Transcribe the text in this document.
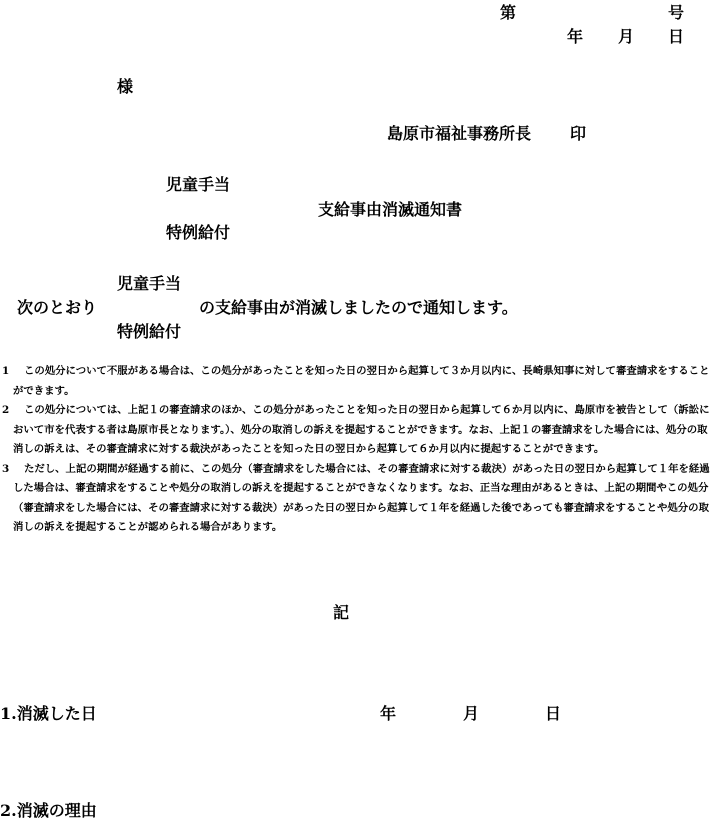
第	号
年 月 日
様
島原市福祉事務所長 印
児童手当
支給事由消滅通知書
特例給付
児童手当
次のとおり	の支給事由が消滅しましたので通知します。
特例給付
1	この処分について不服がある場合は、この処分があったことを知った日の翌日から起算して３か月以内に、長崎県知事に対して審査請求をすることができます。
2	この処分については、上記１の審査請求のほか、この処分があったことを知った日の翌日から起算して６か月以内に、島原市を被告として（訴訟において市を代表する者は島原市長となります。）、処分の取消しの訴えを提起することができます。なお、上記１の審査請求をした場合には、処分の取消しの訴えは、その審査請求に対する裁決があったことを知った日の翌日から起算して６か月以内に提起することができます。
3	ただし、上記の期間が経過する前に、この処分（審査請求をした場合には、その審査請求に対する裁決）があった日の翌日から起算して１年を経過した場合は、審査請求をすることや処分の取消しの訴えを提起することができなくなります。なお、正当な理由があるときは、上記の期間やこの処分（審査請求をした場合には、その審査請求に対する裁決）があった日の翌日から起算して１年を経過した後であっても審査請求をすることや処分の取消しの訴えを提起することが認められる場合があります。
記
1.消滅した日	年	月	日
2.消滅の理由
